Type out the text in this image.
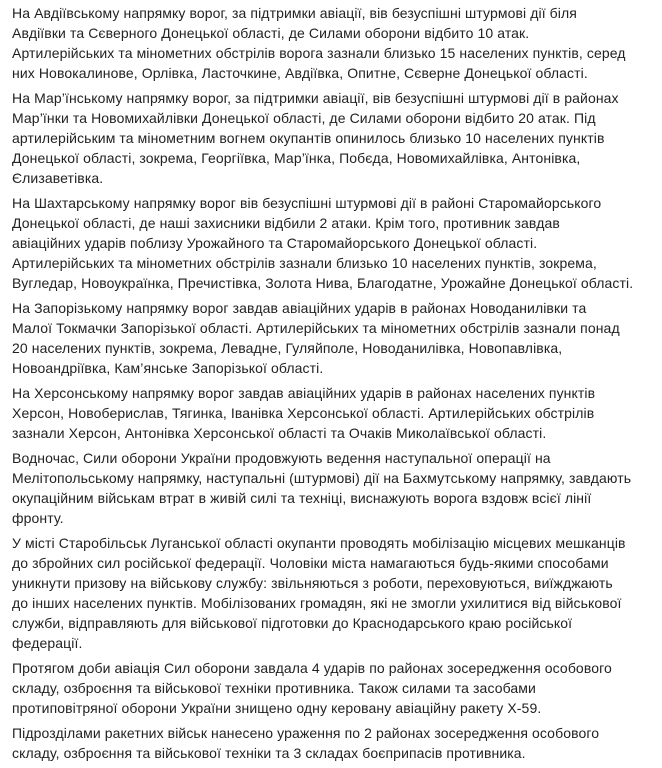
На Авдіївському напрямку ворог, за підтримки авіації, вів безуспішні штурмові дії біля
Авдіївки та Сєверного Донецької області, де Силами оборони відбито 10 атак.
Артилерійських та мінометних обстрілів ворога зазнали близько 15 населених пунктів, серед
них Новокалинове, Орлівка, Ласточкине, Авдіївка, Опитне, Сєверне Донецької області.

На Мар’їнському напрямку ворог, за підтримки авіації, вів безуспішні штурмові дії в районах
Мар’їнки та Новомихайлівки Донецької області, де Силами оборони відбито 20 атак. Під
артилерійським та мінометним вогнем окупантів опинилось близько 10 населених пунктів
Донецької області, зокрема, Георгіївка, Мар’їнка, Побєда, Новомихайлівка, Антонівка,
Єлизаветівка.

На Шахтарському напрямку ворог вів безуспішні штурмові дії в районі Старомайорського
Донецької області, де наші захисники відбили 2 атаки. Крім того, противник завдав
авіаційних ударів поблизу Урожайного та Старомайорського Донецької області.
Артилерійських та мінометних обстрілів зазнали близько 10 населених пунктів, зокрема,
Вугледар, Новоукраїнка, Пречистівка, Золота Нива, Благодатне, Урожайне Донецької області.

На Запорізькому напрямку ворог завдав авіаційних ударів в районах Новоданилівки та
Малої Токмачки Запорізької області. Артилерійських та мінометних обстрілів зазнали понад
20 населених пунктів, зокрема, Левадне, Гуляйполе, Новоданилівка, Новопавлівка,
Новоандріївка, Кам’янське Запорізької області.

На Херсонському напрямку ворог завдав авіаційних ударів в районах населених пунктів
Херсон, Новоберислав, Тягинка, Іванівка Херсонської області. Артилерійських обстрілів
зазнали Херсон, Антонівка Херсонської області та Очаків Миколаївської області.

Водночас, Сили оборони України продовжують ведення наступальної операції на
Мелітопольському напрямку, наступальні (штурмові) дії на Бахмутському напрямку, завдають
окупаційним військам втрат в живій силі та техніці, виснажують ворога вздовж всієї лінії
фронту.

У місті Старобільськ Луганської області окупанти проводять мобілізацію місцевих мешканців
до збройних сил російської федерації. Чоловіки міста намагаються будь-якими способами
уникнути призову на військову службу: звільняються з роботи, переховуються, виїжджають
до інших населених пунктів. Мобілізованих громадян, які не змогли ухилитися від військової
служби, відправляють для військової підготовки до Краснодарського краю російської
федерації.

Протягом доби авіація Сил оборони завдала 4 ударів по районах зосередження особового
складу, озброєння та військової техніки противника. Також силами та засобами
протиповітряної оборони України знищено одну керовану авіаційну ракету Х-59.

Підрозділами ракетних військ нанесено ураження по 2 районах зосередження особового
складу, озброєння та військової техніки та 3 складах боєприпасів противника.
